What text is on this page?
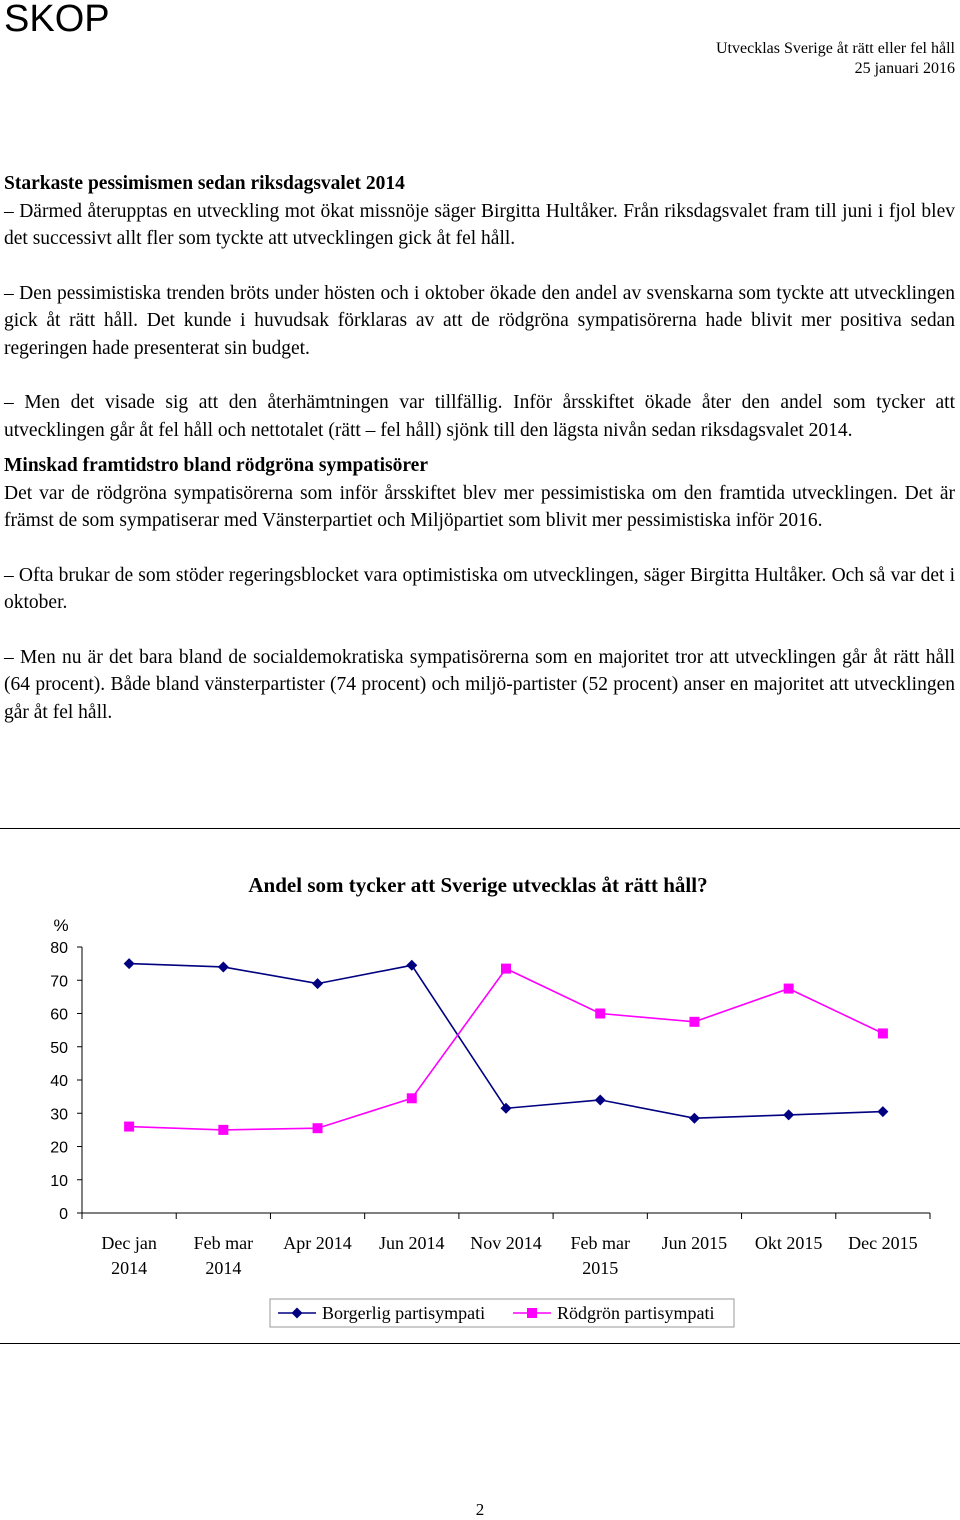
SKOP
Utvecklas Sverige åt rätt eller fel håll
25 januari 2016
Starkaste pessimismen sedan riksdagsvalet 2014

– Därmed återupptas en utveckling mot ökat missnöje säger Birgitta Hultåker. Från riksdagsvalet fram till juni i fjol blev det successivt allt fler som tyckte att utvecklingen gick åt fel håll.

– Den pessimistiska trenden bröts under hösten och i oktober ökade den andel av svenskarna som tyckte att utvecklingen gick åt rätt håll. Det kunde i huvudsak förklaras av att de rödgröna sympatisörerna hade blivit mer positiva sedan regeringen hade presenterat sin budget.

– Men det visade sig att den återhämtningen var tillfällig. Inför årsskiftet ökade åter den andel som tycker att utvecklingen går åt fel håll och nettotalet (rätt – fel håll) sjönk till den lägsta nivån sedan riksdagsvalet 2014.

Minskad framtidstro bland rödgröna sympatisörer

Det var de rödgröna sympatisörerna som inför årsskiftet blev mer pessimistiska om den framtida utvecklingen. Det är främst de som sympatiserar med Vänsterpartiet och Miljöpartiet som blivit mer pessimistiska inför 2016.

– Ofta brukar de som stöder regeringsblocket vara optimistiska om utvecklingen, säger Birgitta Hultåker. Och så var det i oktober.

– Men nu är det bara bland de socialdemokratiska sympatisörerna som en majoritet tror att utvecklingen går åt rätt håll (64 procent). Både bland vänsterpartister (74 procent) och miljö-partister (52 procent) anser en majoritet att utvecklingen går åt fel håll.

Andel som tycker att Sverige utvecklas åt rätt håll?
%
0
10
20
30
40
50
60
70
80
Dec jan 2014
Feb mar 2014
Apr 2014 Jun 2014 Nov 2014 Feb mar 2015
Jun 2015 Okt 2015 Dec 2015
Borgerlig partisympati	Rödgrön partisympati
2
